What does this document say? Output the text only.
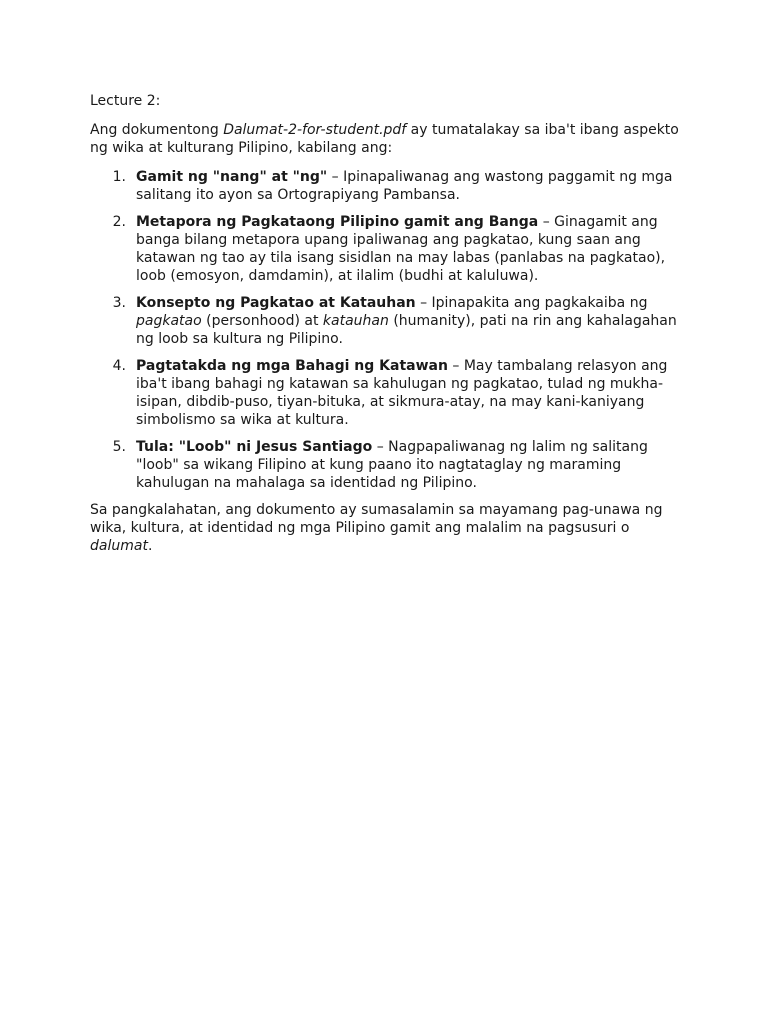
Lecture 2:

Ang dokumentong Dalumat-2-for-student.pdf ay tumatalakay sa iba't ibang aspekto ng wika at kulturang Pilipino, kabilang ang:

1. Gamit ng "nang" at "ng" – Ipinapaliwanag ang wastong paggamit ng mga salitang ito ayon sa Ortograpiyang Pambansa.
2. Metapora ng Pagkataong Pilipino gamit ang Banga – Ginagamit ang banga bilang metapora upang ipaliwanag ang pagkatao, kung saan ang katawan ng tao ay tila isang sisidlan na may labas (panlabas na pagkatao), loob (emosyon, damdamin), at ilalim (budhi at kaluluwa).
3. Konsepto ng Pagkatao at Katauhan – Ipinapakita ang pagkakaiba ng pagkatao (personhood) at katauhan (humanity), pati na rin ang kahalagahan ng loob sa kultura ng Pilipino.
4. Pagtatakda ng mga Bahagi ng Katawan – May tambalang relasyon ang iba't ibang bahagi ng katawan sa kahulugan ng pagkatao, tulad ng mukha-isipan, dibdib-puso, tiyan-bituka, at sikmura-atay, na may kani-kaniyang simbolismo sa wika at kultura.
5. Tula: "Loob" ni Jesus Santiago – Nagpapaliwanag ng lalim ng salitang "loob" sa wikang Filipino at kung paano ito nagtataglay ng maraming kahulugan na mahalaga sa identidad ng Pilipino.

Sa pangkalahatan, ang dokumento ay sumasalamin sa mayamang pag-unawa ng wika, kultura, at identidad ng mga Pilipino gamit ang malalim na pagsusuri o dalumat.
